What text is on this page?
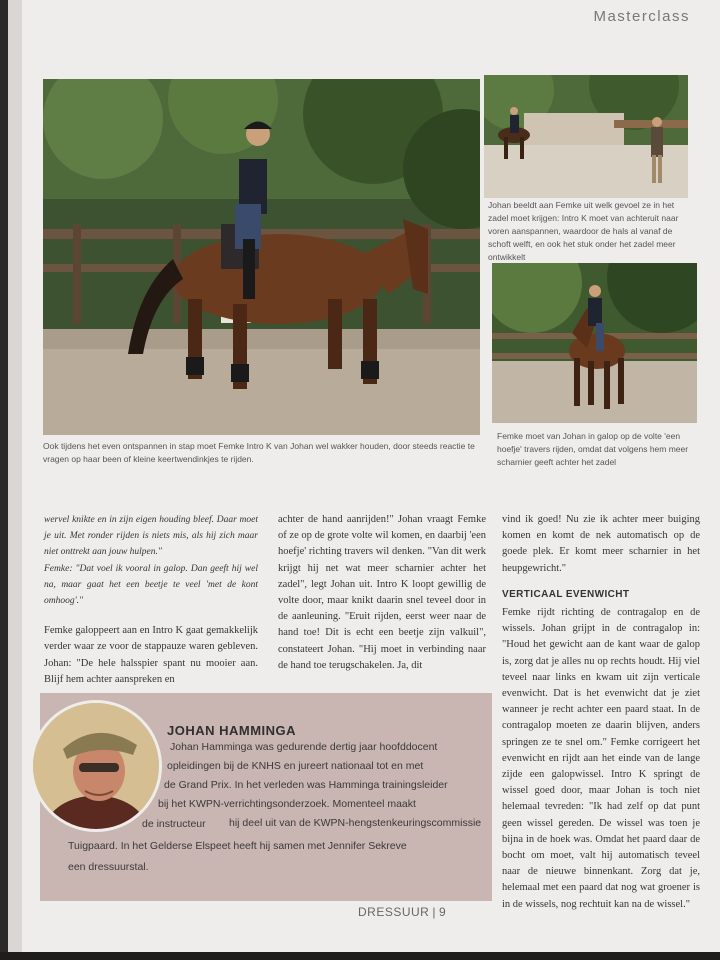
Masterclass
Ook tijdens het even ontspannen in stap moet Femke Intro K van Johan wel wakker houden, door steeds reactie te vragen op haar been of kleine keertwendinkjes te rijden.
Johan beeldt aan Femke uit welk gevoel ze in het zadel moet krijgen: Intro K moet van achteruit naar voren aanspannen, waardoor de hals al vanaf de schoft welft, en ook het stuk onder het zadel meer ontwikkelt
Femke moet van Johan in galop op de volte 'een hoefje' travers rijden, omdat dat volgens hem meer scharnier geeft achter het zadel

wervel knikte en in zijn eigen houding bleef. Daar moet je uit. Met ronder rijden is niets mis, als hij zich maar niet onttrekt aan jouw hulpen."

Femke: "Dat voel ik vooral in galop. Dan geeft hij wel na, maar gaat het een beetje te veel 'met de kont omhoog'."

Femke galoppeert aan en Intro K gaat gemakkelijk verder waar ze voor de stappauze waren gebleven. Johan: "De hele halsspier spant nu mooier aan. Blijf hem achter aanspreken en

achter de hand aanrijden!" Johan vraagt Femke of ze op de grote volte wil komen, en daarbij 'een hoefje' richting travers wil denken. "Van dit werk krijgt hij net wat meer scharnier achter het zadel", legt Johan uit. Intro K loopt gewillig de volte door, maar knikt daarin snel teveel door in de aanleuning. "Eruit rijden, eerst weer naar de hand toe! Dit is echt een beetje zijn valkuil", constateert Johan. "Hij moet in verbinding naar de hand toe terugschakelen. Ja, dit

vind ik goed! Nu zie ik achter meer buiging komen en komt de nek automatisch op de goede plek. Er komt meer scharnier in het heupgewricht."

VERTICAAL EVENWICHT

Femke rijdt richting de contragalop en de wissels. Johan grijpt in de contragalop in: "Houd het gewicht aan de kant waar de galop is, zorg dat je alles nu op rechts houdt. Hij viel teveel naar links en kwam uit zijn verticale evenwicht. Dat is het evenwicht dat je ziet wanneer je recht achter een paard staat. In de contragalop moeten ze daarin blijven, anders springen ze te snel om." Femke corrigeert het evenwicht en rijdt aan het einde van de lange zijde een galopwissel. Intro K springt de wissel goed door, maar Johan is toch niet helemaal tevreden: "Ik had zelf op dat punt geen wissel gereden. De wissel was toen je bijna in de hoek was. Omdat het paard daar de bocht om moet, valt hij automatisch teveel naar de nieuwe binnenkant. Zorg dat je, helemaal met een paard dat nog wat groener is in de wissels, nog rechtuit kan na de wissel."

JOHAN HAMMINGA
Johan Hamminga was gedurende dertig jaar hoofddocent
opleidingen bij de KNHS en jureert nationaal tot en met
de Grand Prix. In het verleden was Hamminga trainingsleider
bij het KWPN-verrichtingsonderzoek. Momenteel maakt
hij deel uit van de KWPN-hengstenkeuringscommissie
de instructeur
Tuigpaard. In het Gelderse Elspeet heeft hij samen met Jennifer Sekreve
een dressuurstal.
DRESSUUR | 9
